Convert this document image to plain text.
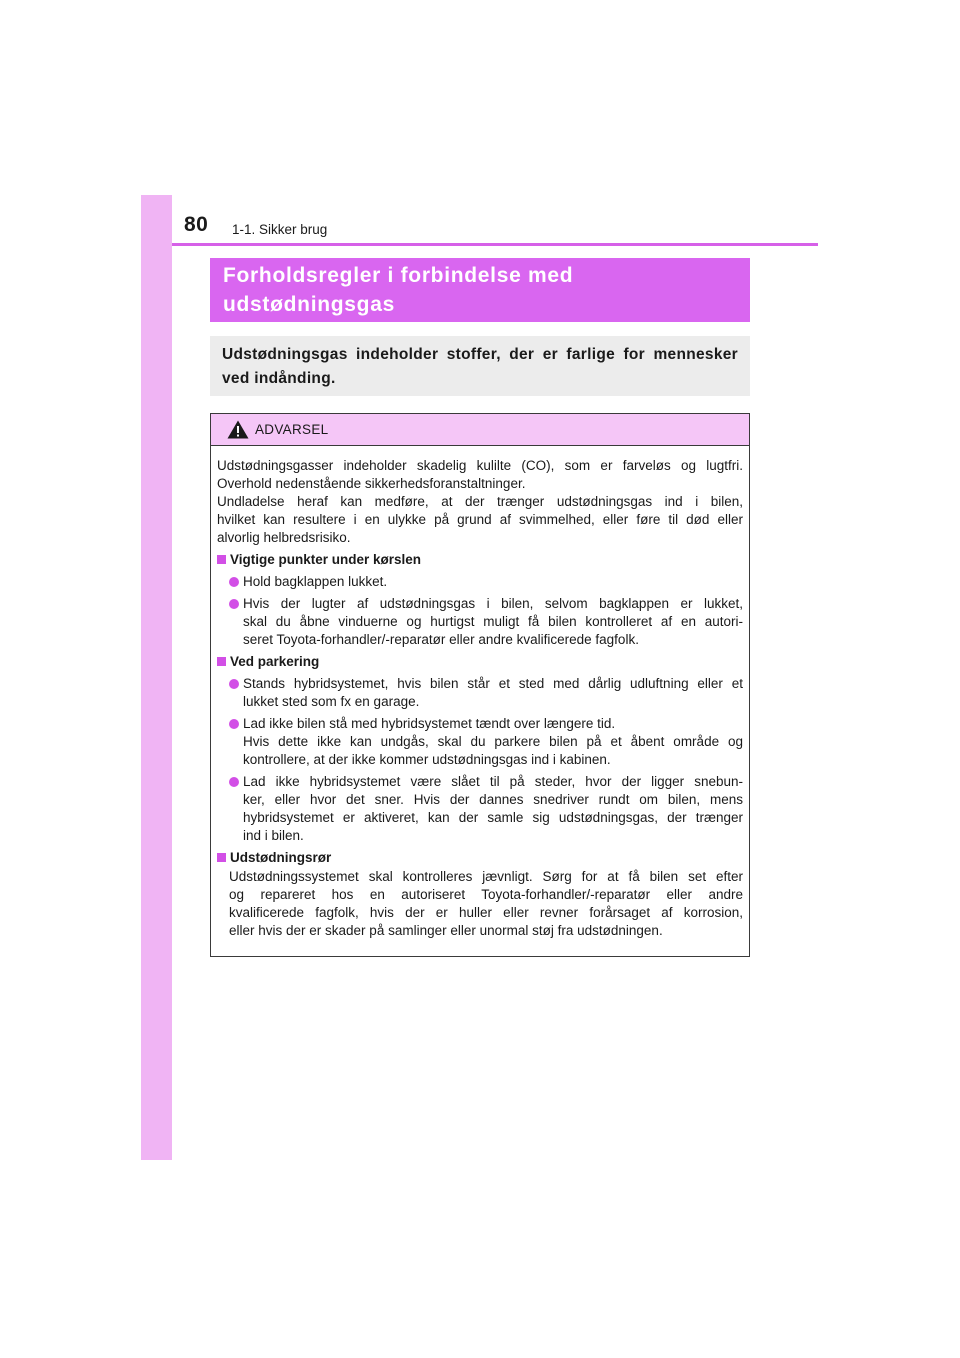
80 1-1. Sikker brug
Forholdsregler i forbindelse med
udstødningsgas
Udstødningsgas indeholder stoffer, der er farlige for mennesker
ved indånding.
ADVARSEL
Udstødningsgasser indeholder skadelig kulilte (CO), som er farveløs og lugtfri.
Overhold nedenstående sikkerhedsforanstaltninger.
Undladelse heraf kan medføre, at der trænger udstødningsgas ind i bilen,
hvilket kan resultere i en ulykke på grund af svimmelhed, eller føre til død eller
alvorlig helbredsrisiko.
Vigtige punkter under kørslen
Hold bagklappen lukket.
Hvis der lugter af udstødningsgas i bilen, selvom bagklappen er lukket,
skal du åbne vinduerne og hurtigst muligt få bilen kontrolleret af en autori-
seret Toyota-forhandler/-reparatør eller andre kvalificerede fagfolk.
Ved parkering
Stands hybridsystemet, hvis bilen står et sted med dårlig udluftning eller et
lukket sted som fx en garage.
Lad ikke bilen stå med hybridsystemet tændt over længere tid.
Hvis dette ikke kan undgås, skal du parkere bilen på et åbent område og
kontrollere, at der ikke kommer udstødningsgas ind i kabinen.
Lad ikke hybridsystemet være slået til på steder, hvor der ligger snebun-
ker, eller hvor det sner. Hvis der dannes snedriver rundt om bilen, mens
hybridsystemet er aktiveret, kan der samle sig udstødningsgas, der trænger
ind i bilen.
Udstødningsrør
Udstødningssystemet skal kontrolleres jævnligt. Sørg for at få bilen set efter
og repareret hos en autoriseret Toyota-forhandler/-reparatør eller andre
kvalificerede fagfolk, hvis der er huller eller revner forårsaget af korrosion,
eller hvis der er skader på samlinger eller unormal støj fra udstødningen.
